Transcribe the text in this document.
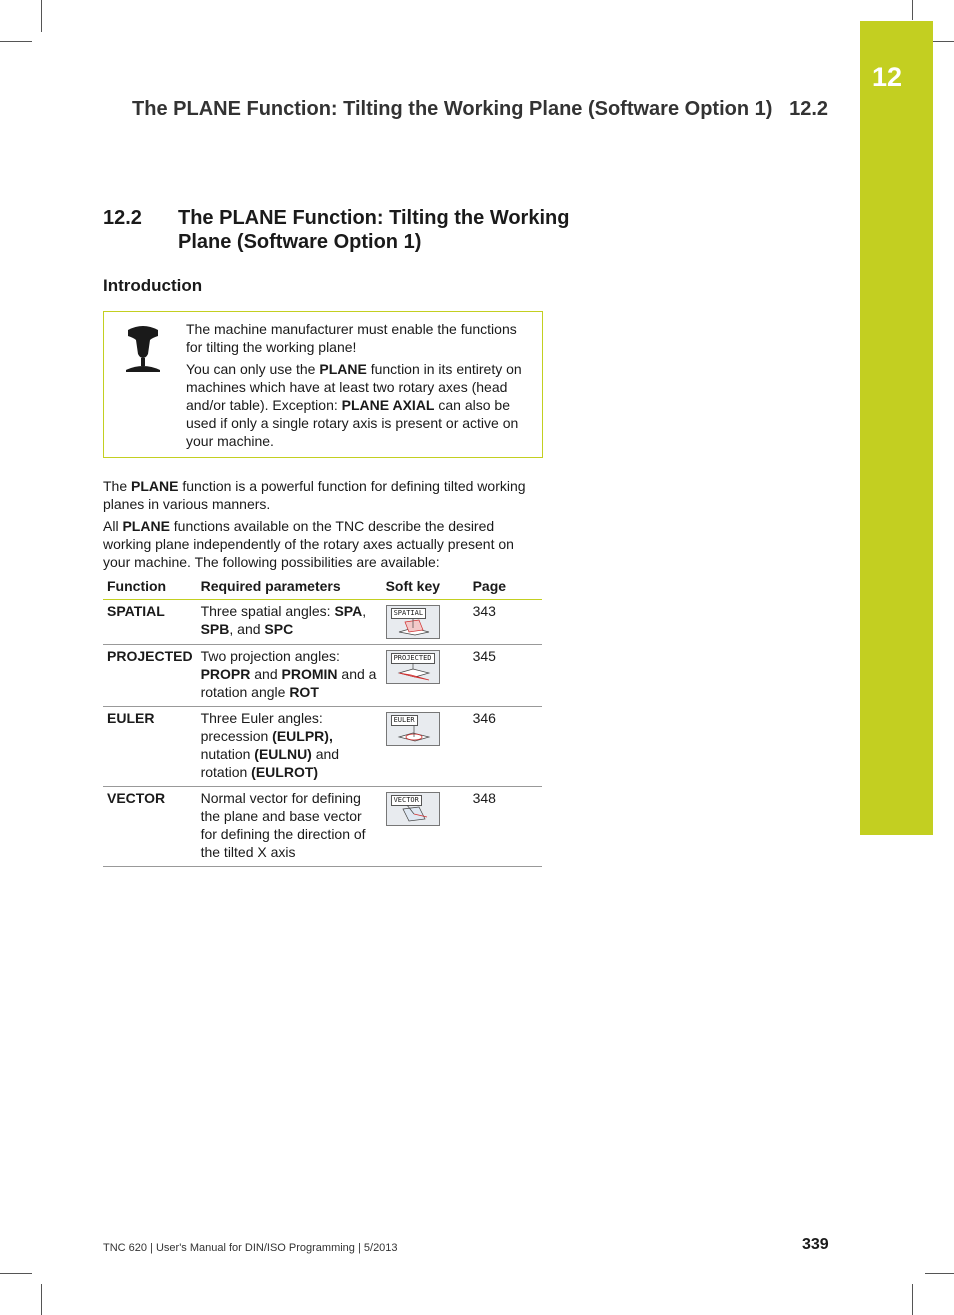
12
The PLANE Function: Tilting the Working Plane (Software Option 1)   12.2
12.2 The PLANE Function: Tilting the Working Plane (Software Option 1)
Introduction

The machine manufacturer must enable the functions for tilting the working plane!

You can only use the PLANE function in its entirety on machines which have at least two rotary axes (head and/or table). Exception: PLANE AXIAL can also be used if only a single rotary axis is present or active on your machine.

The PLANE function is a powerful function for defining tilted working planes in various manners.

All PLANE functions available on the TNC describe the desired working plane independently of the rotary axes actually present on your machine. The following possibilities are available:

Function	Required parameters	Soft key	Page
SPATIAL	Three spatial angles: SPA, SPB, and SPC	SPATIAL	343
PROJECTED	Two projection angles: PROPR and PROMIN and a rotation angle ROT	PROJECTED	345
EULER	Three Euler angles: precession (EULPR), nutation (EULNU) and rotation (EULROT)	EULER	346
VECTOR	Normal vector for defining the plane and base vector for defining the direction of the tilted X axis	VECTOR	348
TNC 620 | User's Manual for DIN/ISO Programming | 5/2013	339
